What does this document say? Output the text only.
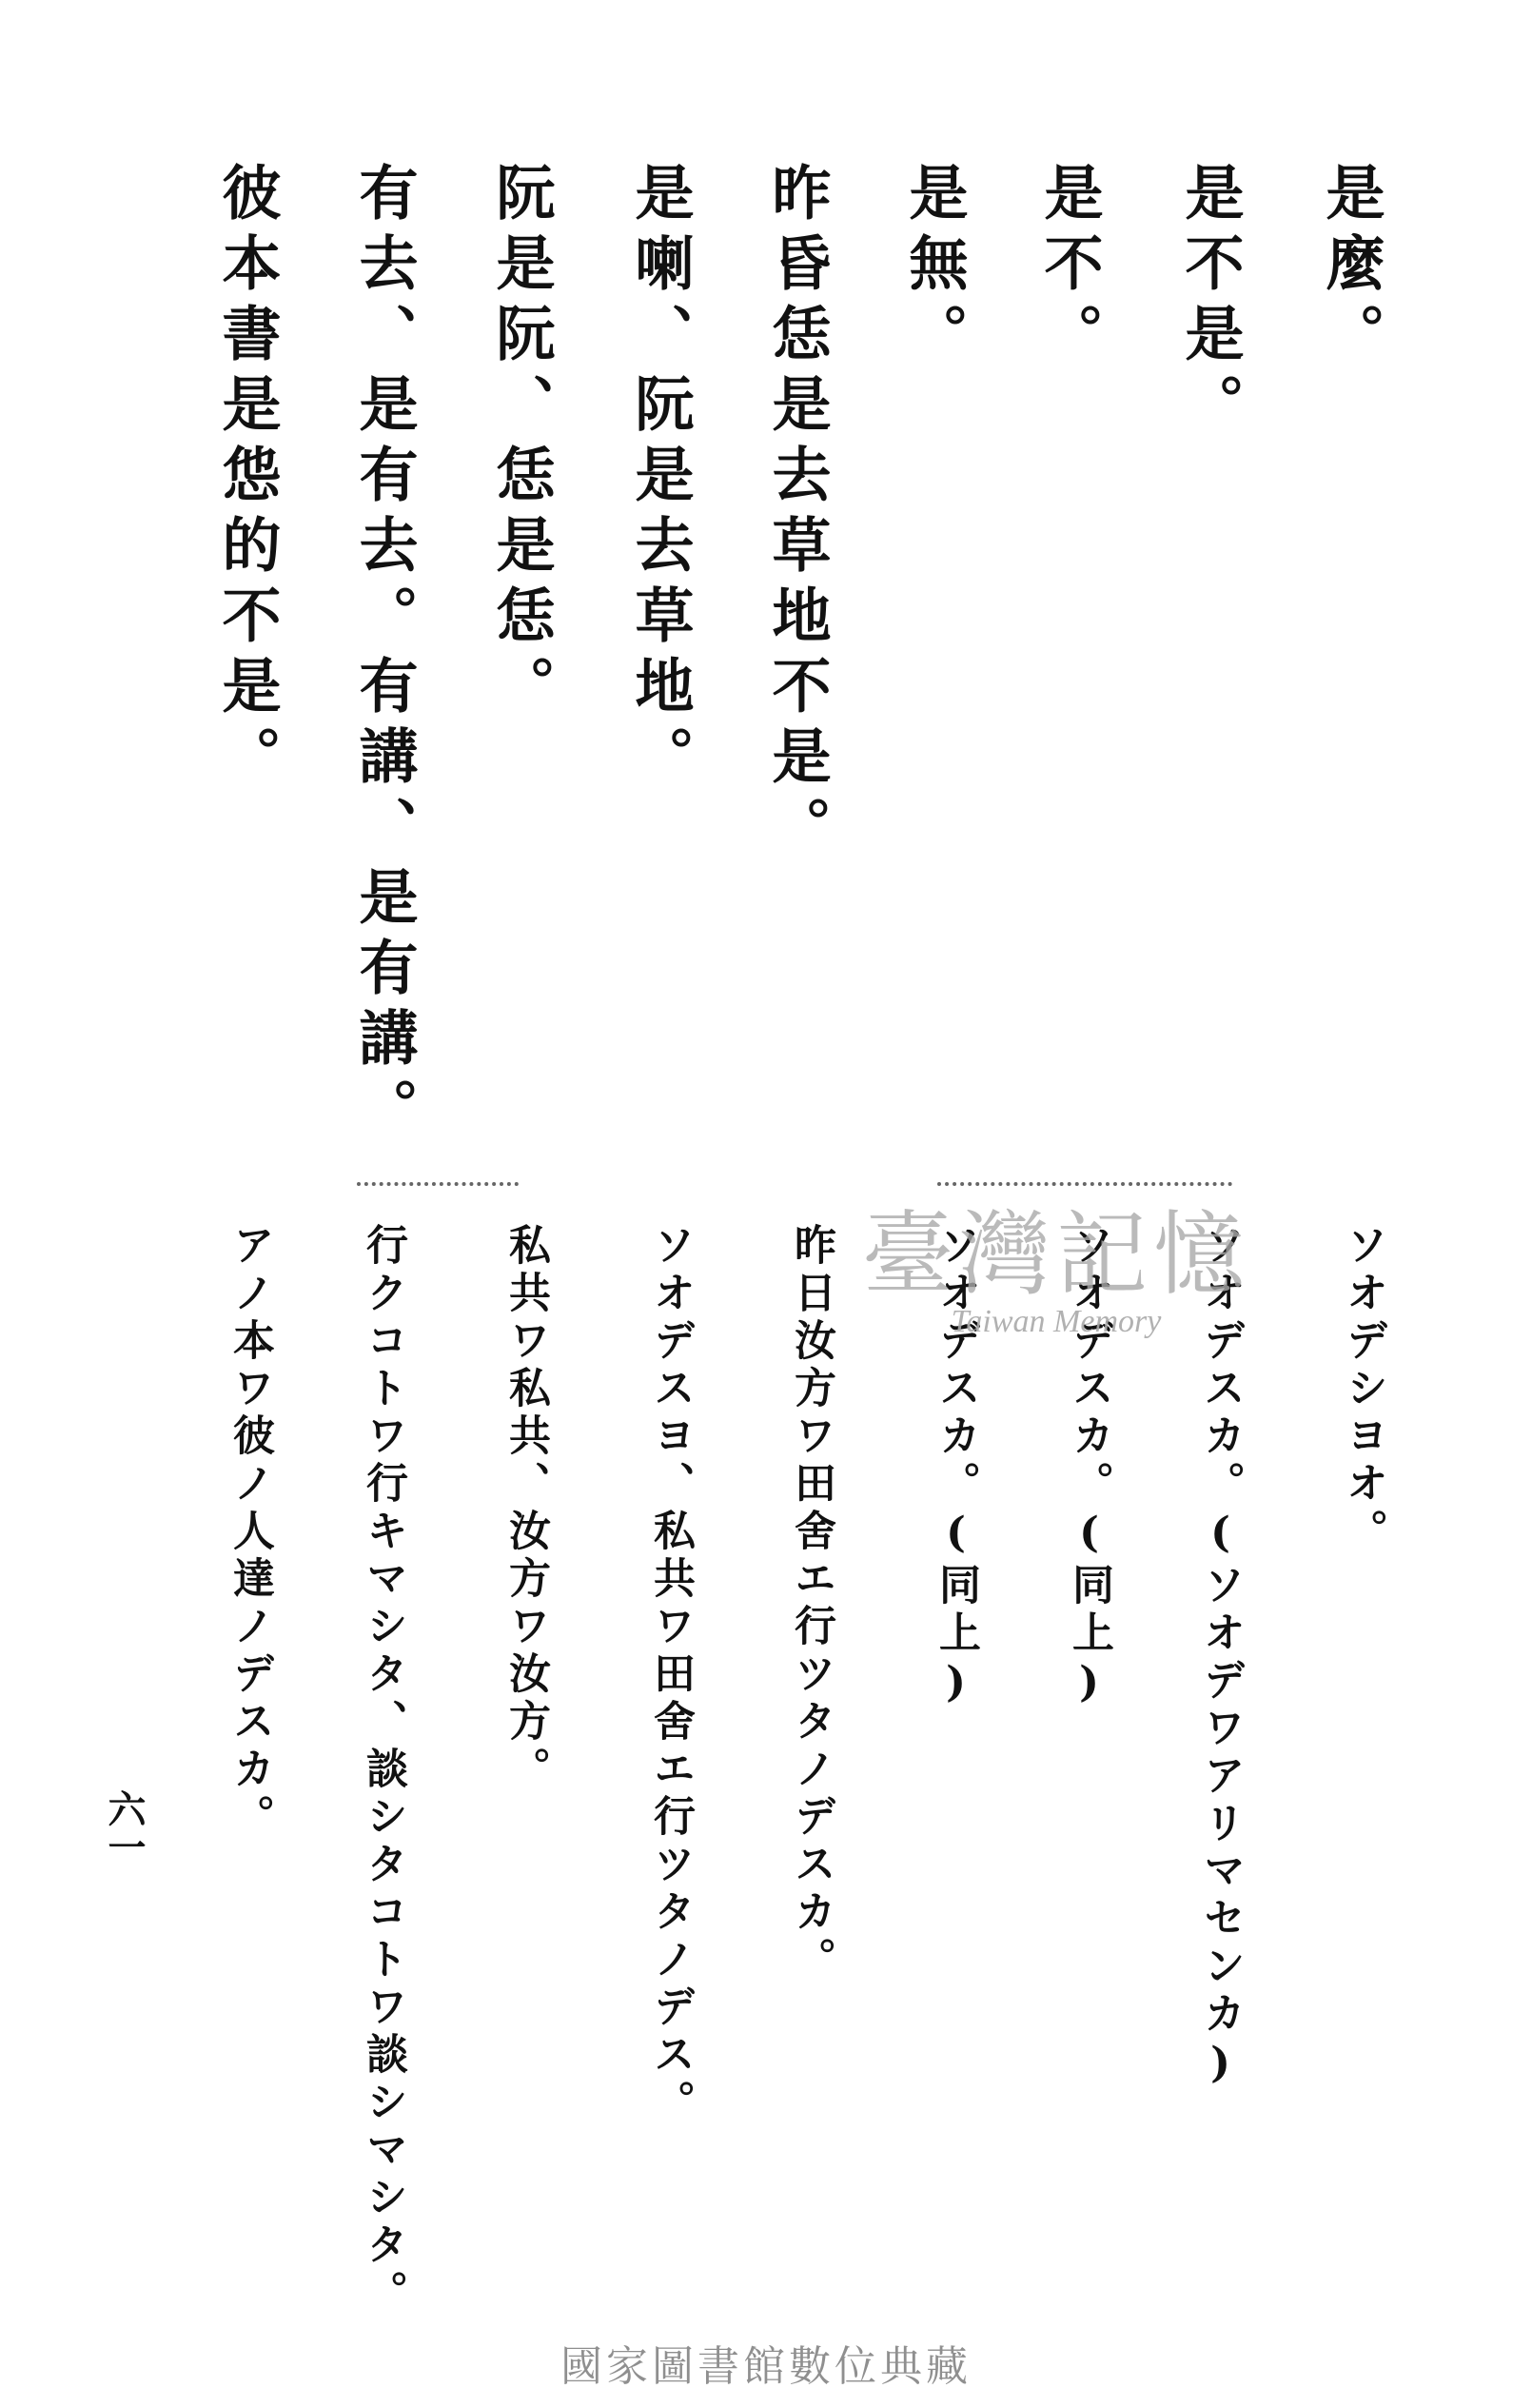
是麼。
是不是。
是不。
是無。
昨昏恁是去草地不是。
是喇、阮是去草地。
阮是阮、恁是恁。
有去、是有去。有講、是有講。
彼本書是怹的不是。
ソオデシヨオ。
ソオデスカ。(ソオデワアリマセンカ)
ソオデスカ。(同上)
ソオデスカ。(同上)
昨日汝方ワ田舍エ行ツタノデスカ。
ソオデスヨ、私共ワ田舍エ行ツタノデス。
私共ワ私共、汝方ワ汝方。
行クコトワ行キマシタ、談シタコトワ談シマシタ。
アノ本ワ彼ノ人達ノデスカ。	臺灣記憶
Taiwan Memory
六一
國家圖書館數位典藏
